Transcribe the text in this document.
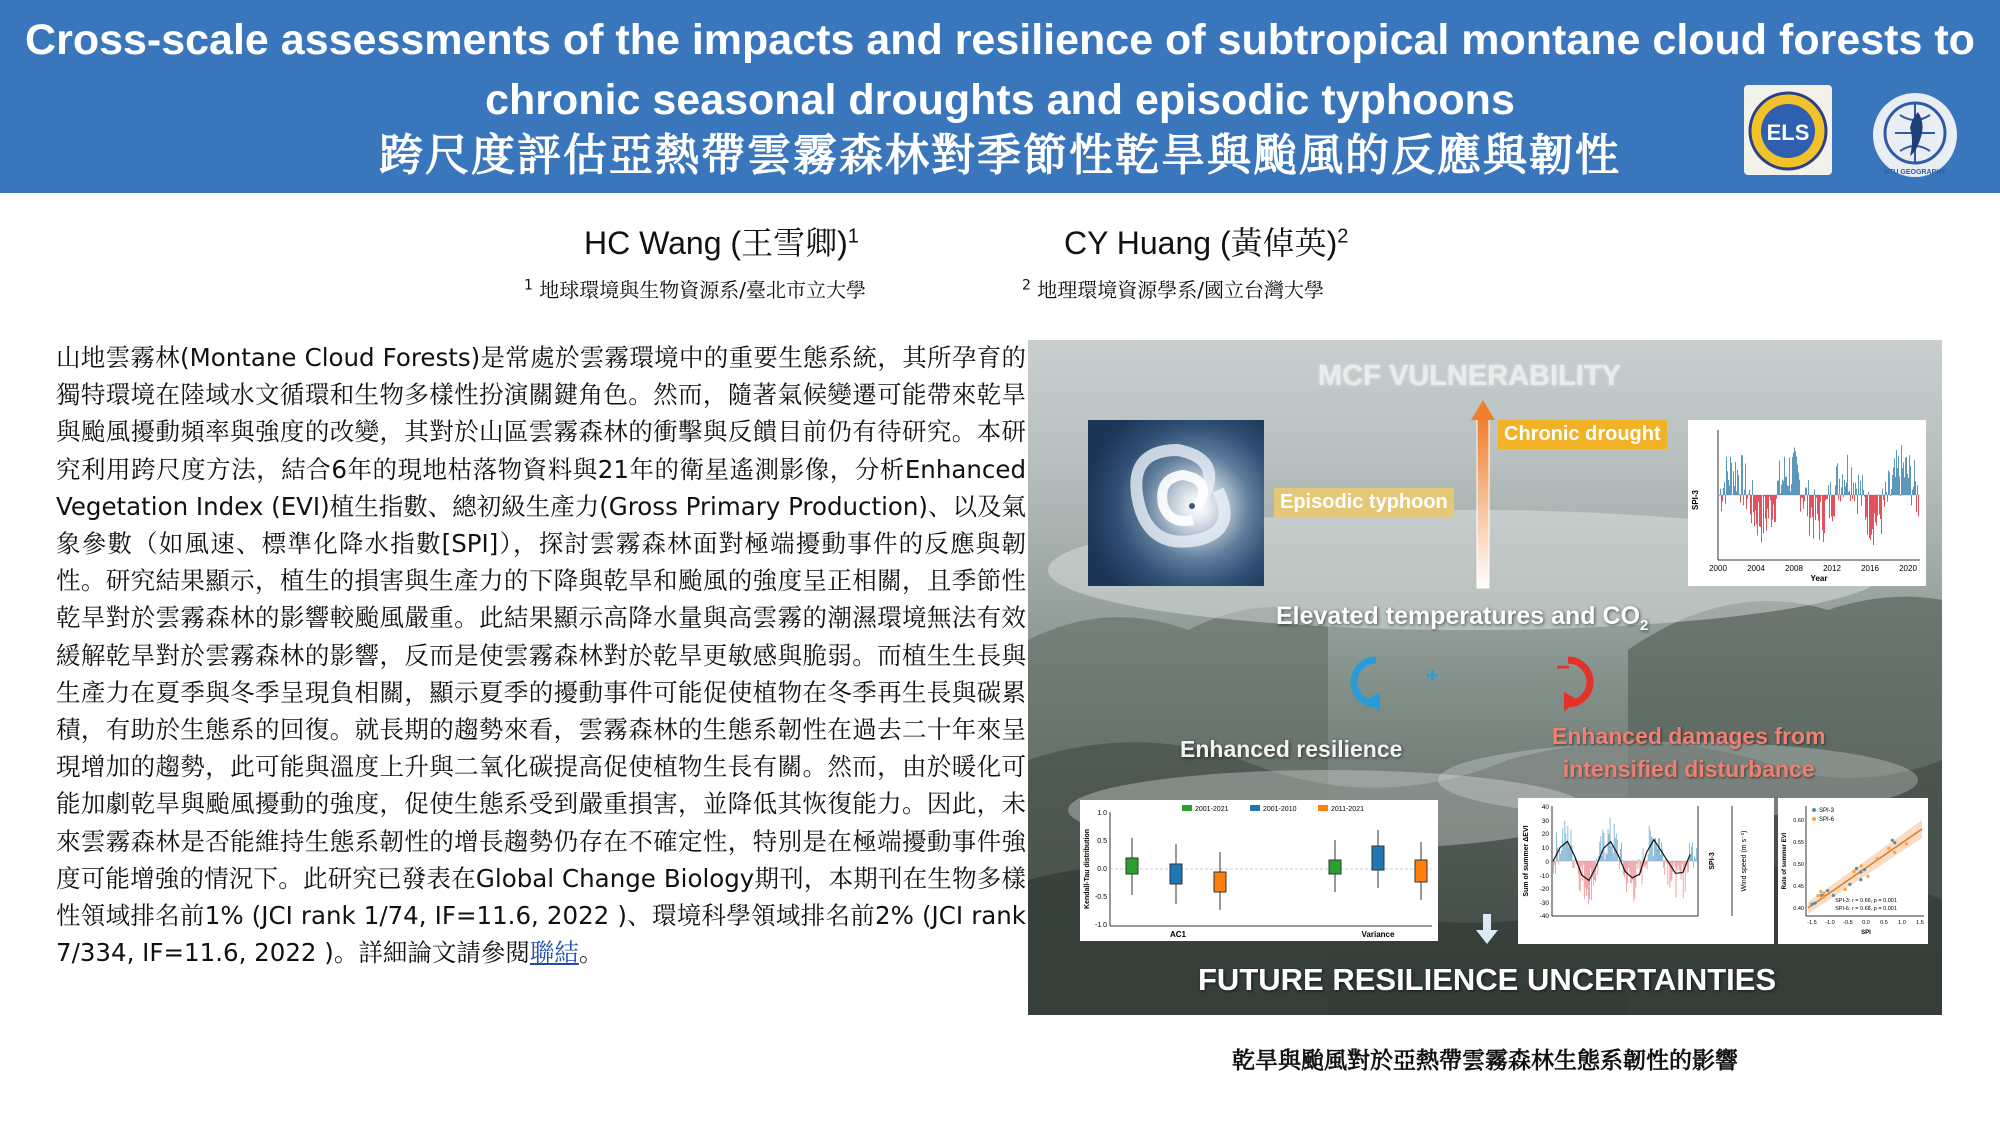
Cross-scale assessments of the impacts and resilience of subtropical montane cloud forests to chronic seasonal droughts and episodic typhoons
跨尺度評估亞熱帶雲霧森林對季節性乾旱與颱風的反應與韌性	ELS
NTU GEOGRAPHY
HC Wang (王雪卿)$^1$	CY Huang (黃倬英)$^2$
$^1$ 地球環境與生物資源系/臺北市立大學	$^2$ 地理環境資源學系/國立台灣大學
山地雲霧林(Montane Cloud Forests)是常處於雲霧環境中的重要生態系統，其所孕育的獨特環境在陸域水文循環和生物多樣性扮演關鍵角色。然而，隨著氣候變遷可能帶來乾旱與颱風擾動頻率與強度的改變，其對於山區雲霧森林的衝擊與反饋目前仍有待研究。本研究利用跨尺度方法，結合6年的現地枯落物資料與21年的衛星遙測影像，分析Enhanced Vegetation Index (EVI)植生指數、總初級生產力(Gross Primary Production)、以及氣象參數（如風速、標準化降水指數[SPI]），探討雲霧森林面對極端擾動事件的反應與韌性。研究結果顯示，植生的損害與生產力的下降與乾旱和颱風的強度呈正相關，且季節性乾旱對於雲霧森林的影響較颱風嚴重。此結果顯示高降水量與高雲霧的潮濕環境無法有效緩解乾旱對於雲霧森林的影響，反而是使雲霧森林對於乾旱更敏感與脆弱。而植生生長與生產力在夏季與冬季呈現負相關，顯示夏季的擾動事件可能促使植物在冬季再生長與碳累積，有助於生態系的回復。就長期的趨勢來看，雲霧森林的生態系韌性在過去二十年來呈現增加的趨勢，此可能與溫度上升與二氧化碳提高促使植物生長有關。然而，由於暖化可能加劇乾旱與颱風擾動的強度，促使生態系受到嚴重損害，並降低其恢復能力。因此，未來雲霧森林是否能維持生態系韌性的增長趨勢仍存在不確定性，特別是在極端擾動事件強度可能增強的情況下。此研究已發表在Global Change Biology期刊，本期刊在生物多樣性領域排名前1% (JCI rank 1/74, IF=11.6, 2022 )、環境科學領域排名前2% (JCI rank 7/334, IF=11.6, 2022 )。詳細論文請參閱聯結。
MCF VULNERABILITY
Chronic drought
Episodic typhoon
Elevated temperatures and $CO_2$
+	−
Enhanced resilience	Enhanced damages from
intensified disturbance
FUTURE RESILIENCE UNCERTAINTIES
SPI-3
2000	2004	2008	2012	2016	2020
Year
1.0
0.5
0.0
-0.5
-1.0
Kendall-Tau distribution
2001-2021	2001-2010	2011-2021
AC1	Variance
40
30
20
10
0
-10
-20
-30
-40
Sum of summer ΔEVI	SPI-3	Wind speed (m s⁻¹)
SPI-3
SPI-6
SPI-3: r = 0.66, p = 0.001
SPI-6: r = 0.68, p = 0.001
-1.5 -1.0 -0.5 0.0 0.5 1.0 1.5
0.60
0.55
0.50
0.45
0.40
SPI
Rate of summer EVI
乾旱與颱風對於亞熱帶雲霧森林生態系韌性的影響
